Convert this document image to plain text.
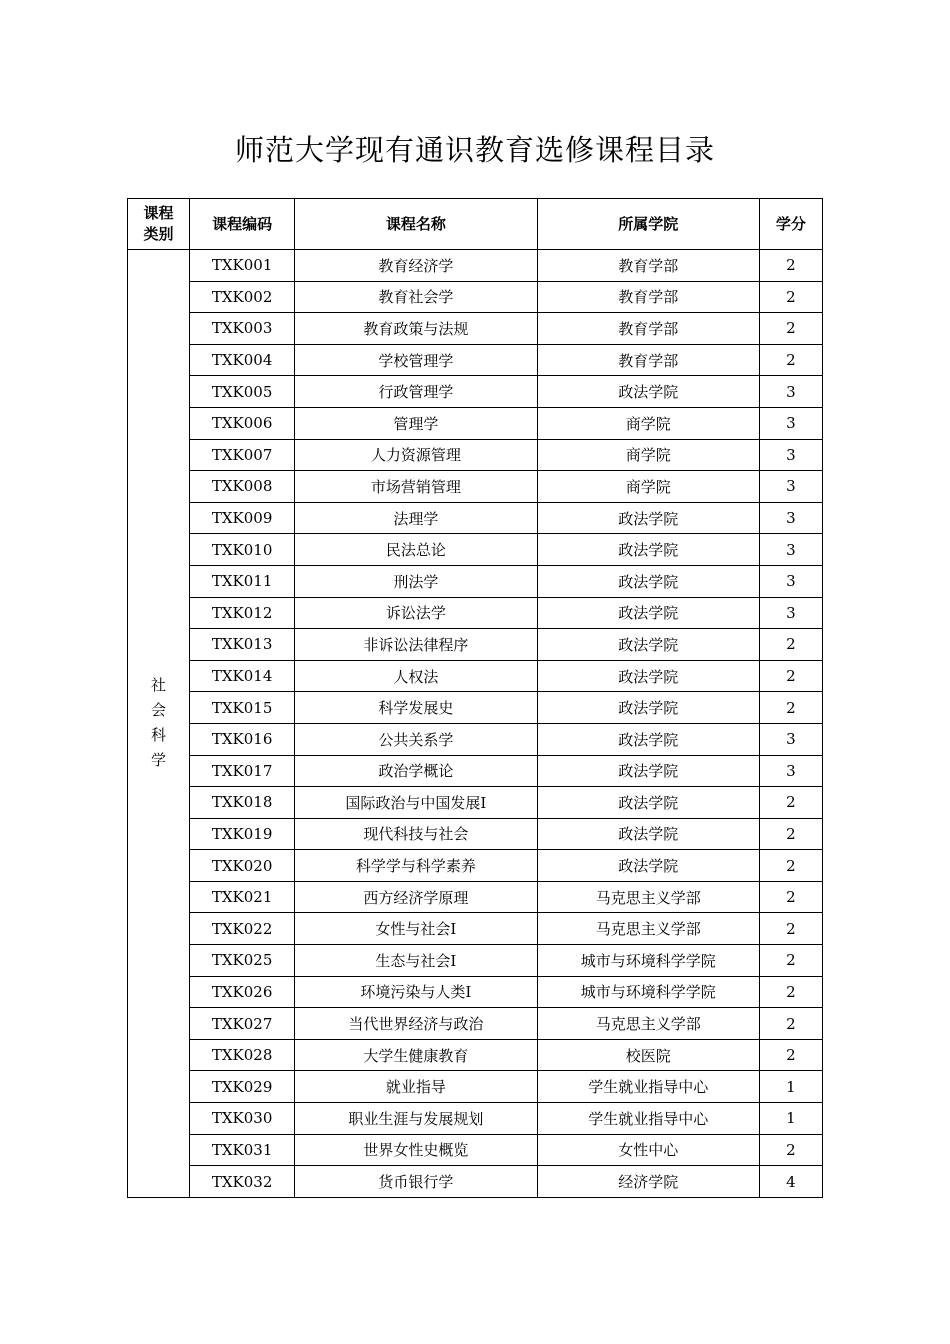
师范大学现有通识教育选修课程目录
课程
类别	课程编码	课程名称	所属学院	学分

社
会
科
学	TXK001	教育经济学	教育学部	2
	TXK002	教育社会学	教育学部	2
	TXK003	教育政策与法规	教育学部	2
	TXK004	学校管理学	教育学部	2
	TXK005	行政管理学	政法学院	3
	TXK006	管理学	商学院	3
	TXK007	人力资源管理	商学院	3
	TXK008	市场营销管理	商学院	3
	TXK009	法理学	政法学院	3
	TXK010	民法总论	政法学院	3
	TXK011	刑法学	政法学院	3
	TXK012	诉讼法学	政法学院	3
	TXK013	非诉讼法律程序	政法学院	2
	TXK014	人权法	政法学院	2
	TXK015	科学发展史	政法学院	2
	TXK016	公共关系学	政法学院	3
	TXK017	政治学概论	政法学院	3
	TXK018	国际政治与中国发展Ⅰ	政法学院	2
	TXK019	现代科技与社会	政法学院	2
	TXK020	科学学与科学素养	政法学院	2
	TXK021	西方经济学原理	马克思主义学部	2
	TXK022	女性与社会Ⅰ	马克思主义学部	2
	TXK025	生态与社会Ⅰ	城市与环境科学学院	2
	TXK026	环境污染与人类Ⅰ	城市与环境科学学院	2
	TXK027	当代世界经济与政治	马克思主义学部	2
	TXK028	大学生健康教育	校医院	2
	TXK029	就业指导	学生就业指导中心	1
	TXK030	职业生涯与发展规划	学生就业指导中心	1
	TXK031	世界女性史概览	女性中心	2
	TXK032	货币银行学	经济学院	4
